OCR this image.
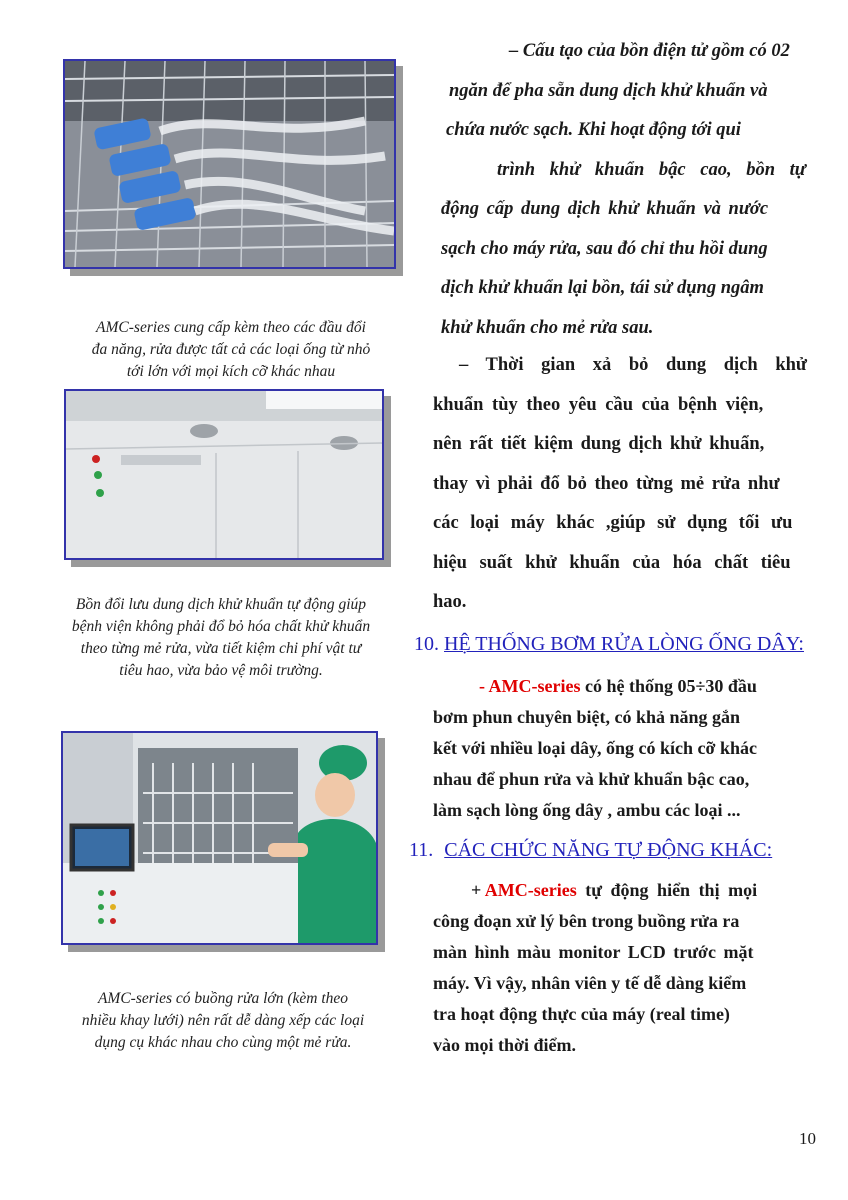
AMC-series cung cấp kèm theo các đầu đổi
đa năng, rửa được tất cả các loại ống từ nhỏ
tới lớn với mọi kích cỡ khác nhau
Bồn đổi lưu dung dịch khử khuẩn tự động giúp
bệnh viện không phải đổ bỏ hóa chất khử khuẩn
theo từng mẻ rửa, vừa tiết kiệm chi phí vật tư
tiêu hao, vừa bảo vệ môi trường.
AMC-series có buồng rửa lớn (kèm theo
nhiều khay lưới) nên rất dễ dàng xếp các loại
dụng cụ khác nhau cho cùng một mẻ rửa.
– Cấu tạo của bồn điện tử gồm có 02
ngăn để pha sẵn dung dịch khử khuẩn và
chứa nước sạch. Khi hoạt động tới qui
trình khử khuẩn bậc cao, bồn tự
động cấp dung dịch khử khuẩn và nước
sạch cho máy rửa, sau đó chỉ thu hồi dung
dịch khử khuẩn lại bồn, tái sử dụng ngâm
khử khuẩn cho mẻ rửa sau.
– Thời gian xả bỏ dung dịch khử
khuẩn tùy theo yêu cầu của bệnh viện,
nên rất tiết kiệm dung dịch khử khuẩn,
thay vì phải đổ bỏ theo từng mẻ rửa như
các loại máy khác ,giúp sử dụng tối ưu
hiệu suất khử khuẩn của hóa chất tiêu
hao.
10. HỆ THỐNG BƠM RỬA LÒNG ỐNG DÂY:
- AMC-series có hệ thống 05÷30 đầu
bơm phun chuyên biệt, có khả năng gắn
kết với nhiều loại dây, ống có kích cỡ khác
nhau để phun rửa và khử khuẩn bậc cao,
làm sạch lòng ống dây , ambu các loại ...
11. CÁC CHỨC NĂNG TỰ ĐỘNG KHÁC:
+ AMC-series tự động hiển thị mọi
công đoạn xử lý bên trong buồng rửa ra
màn hình màu monitor LCD trước mặt
máy. Vì vậy, nhân viên y tế dễ dàng kiểm
tra hoạt động thực của máy (real time)
vào mọi thời điểm.
10
